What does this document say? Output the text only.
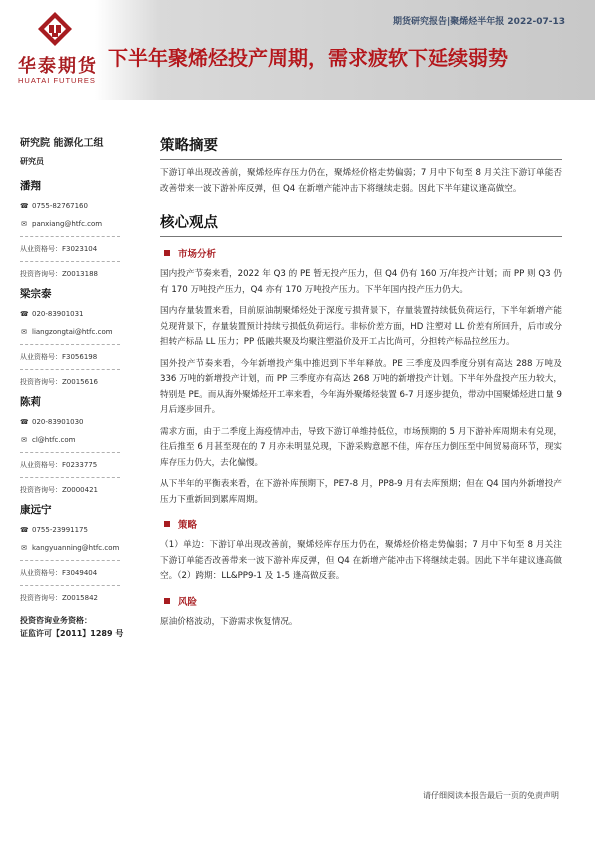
华泰期货
HUATAI FUTURES
期货研究报告|聚烯烃半年报 2022-07-13
下半年聚烯烃投产周期，需求疲软下延续弱势
研究院 能源化工组
研究员
潘翔
☎ 0755-82767160
✉ panxiang@htfc.com
从业资格号：F3023104
投资咨询号：Z0013188
梁宗泰
☎ 020-83901031
✉ liangzongtai@htfc.com
从业资格号：F3056198
投资咨询号：Z0015616
陈莉
☎ 020-83901030
✉ cl@htfc.com
从业资格号：F0233775
投资咨询号：Z0000421
康远宁
☎ 0755-23991175
✉ kangyuanning@htfc.com
从业资格号：F3049404
投资咨询号：Z0015842
投资咨询业务资格：
证监许可【2011】1289 号
策略摘要

下游订单出现改善前，聚烯烃库存压力仍在，聚烯烃价格走势偏弱；7 月中下旬至 8 月关注下游订单能否改善带来一波下游补库反弹，但 Q4 在新增产能冲击下将继续走弱。因此下半年建议逢高做空。

核心观点
市场分析

国内投产节奏来看，2022 年 Q3 的 PE 暂无投产压力，但 Q4 仍有 160 万/年投产计划；而 PP 则 Q3 仍有 170 万吨投产压力，Q4 亦有 170 万吨投产压力。下半年国内投产压力仍大。

国内存量装置来看，目前原油制聚烯烃处于深度亏损背景下，存量装置持续低负荷运行，下半年新增产能兑现背景下，存量装置预计持续亏损低负荷运行。非标价差方面，HD 注塑对 LL 价差有所回升，后市或分担转产标品 LL 压力；PP 低融共聚及均聚注塑溢价及开工占比尚可，分担转产标品拉丝压力。

国外投产节奏来看，今年新增投产集中推迟到下半年释放。PE 三季度及四季度分别有高达 288 万吨及 336 万吨的新增投产计划，而 PP 三季度亦有高达 268 万吨的新增投产计划。下半年外盘投产压力较大，特别是 PE。而从海外聚烯烃开工率来看，今年海外聚烯烃装置 6-7 月逐步提负，带动中国聚烯烃进口量 9 月后逐步回升。

需求方面，由于二季度上海疫情冲击，导致下游订单维持低位，市场预期的 5 月下游补库周期未有兑现，往后推至 6 月甚至现在的 7 月亦未明显兑现，下游采购意愿不佳，库存压力倒压至中间贸易商环节，现实库存压力仍大，去化偏慢。

从下半年的平衡表来看，在下游补库预期下，PE7-8 月，PP8-9 月有去库预期；但在 Q4 国内外新增投产压力下重新回到累库周期。

策略

（1）单边：下游订单出现改善前，聚烯烃库存压力仍在，聚烯烃价格走势偏弱；7 月中下旬至 8 月关注下游订单能否改善带来一波下游补库反弹，但 Q4 在新增产能冲击下将继续走弱。因此下半年建议逢高做空。（2）跨期：LL&PP9-1 及 1-5 逢高做反套。

风险

原油价格波动，下游需求恢复情况。

请仔细阅读本报告最后一页的免责声明
